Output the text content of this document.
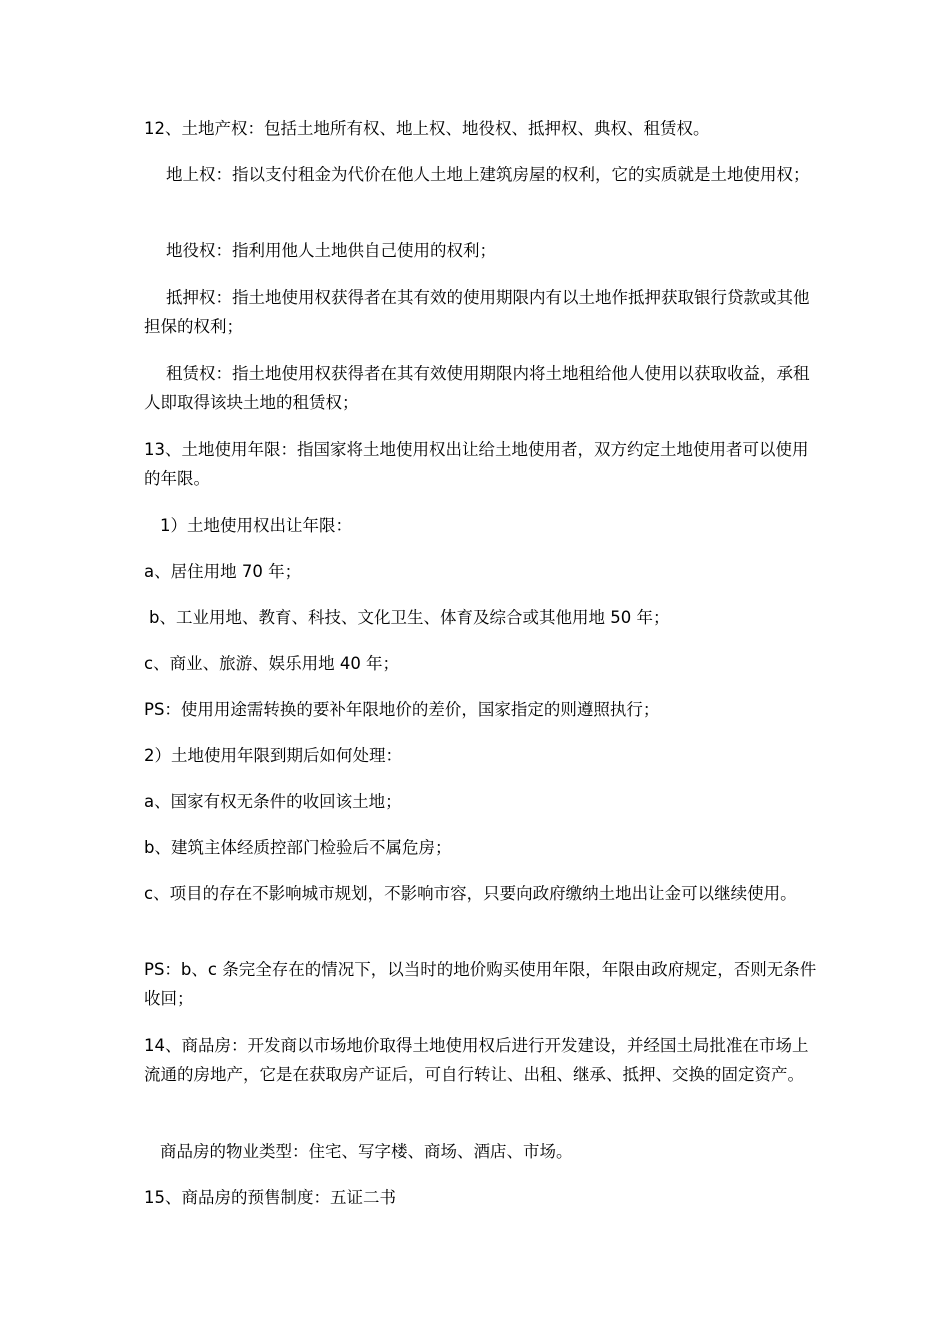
12、土地产权：包括土地所有权、地上权、地役权、抵押权、典权、租赁权。

地上权：指以支付租金为代价在他人土地上建筑房屋的权利，它的实质就是土地使用权；

地役权：指利用他人土地供自己使用的权利；

抵押权：指土地使用权获得者在其有效的使用期限内有以土地作抵押获取银行贷款或其他担保的权利；

租赁权：指土地使用权获得者在其有效使用期限内将土地租给他人使用以获取收益，承租人即取得该块土地的租赁权；

13、土地使用年限：指国家将土地使用权出让给土地使用者，双方约定土地使用者可以使用的年限。

1）土地使用权出让年限：

a、居住用地 70 年；

b、工业用地、教育、科技、文化卫生、体育及综合或其他用地 50 年；

c、商业、旅游、娱乐用地 40 年；

PS：使用用途需转换的要补年限地价的差价，国家指定的则遵照执行；

2）土地使用年限到期后如何处理：

a、国家有权无条件的收回该土地；

b、建筑主体经质控部门检验后不属危房；

c、项目的存在不影响城市规划，不影响市容，只要向政府缴纳土地出让金可以继续使用。

PS：b、c 条完全存在的情况下，以当时的地价购买使用年限，年限由政府规定，否则无条件收回；

14、商品房：开发商以市场地价取得土地使用权后进行开发建设，并经国土局批准在市场上流通的房地产，它是在获取房产证后，可自行转让、出租、继承、抵押、交换的固定资产。

商品房的物业类型：住宅、写字楼、商场、酒店、市场。

15、商品房的预售制度：五证二书
